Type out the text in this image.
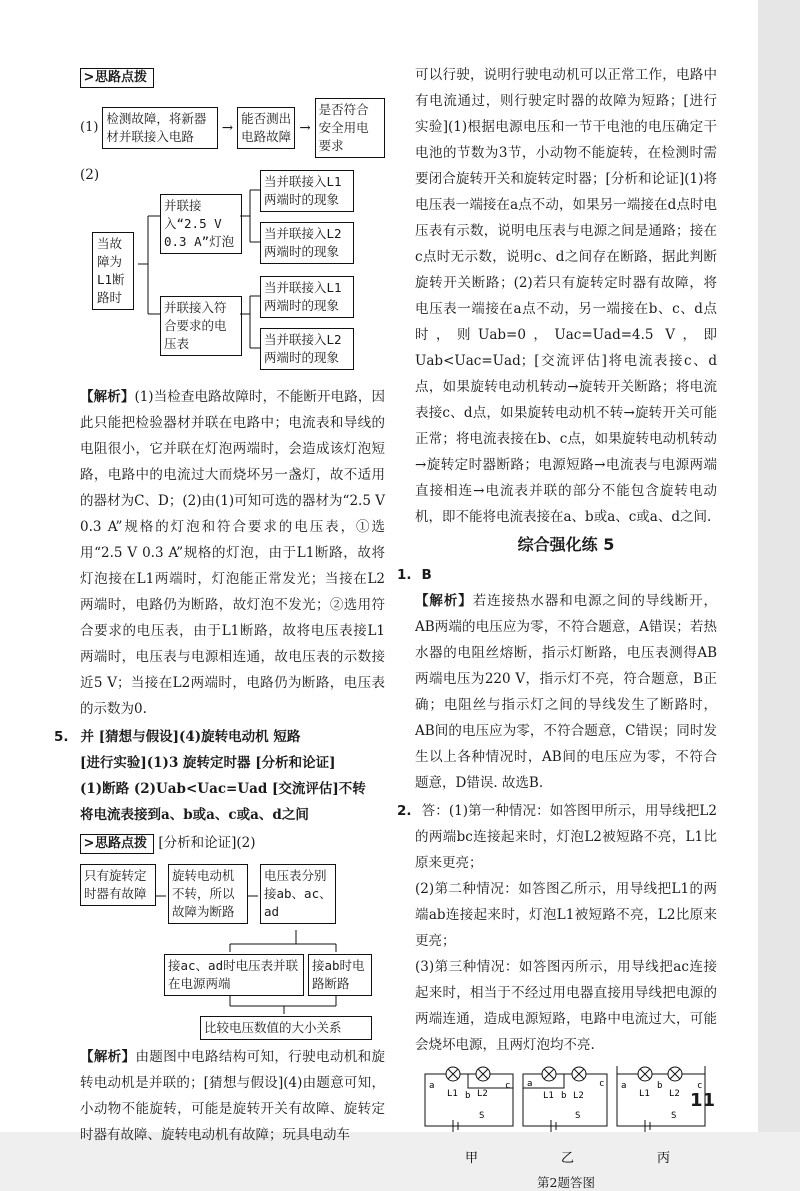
>思路点拨
(1)
检测故障，将新器材并联接入电路
→
能否测出电路故障
→
是否符合安全用电要求
(2)
当故障为L1断路时
并联接入“2.5 V 0.3 A”灯泡
并联接入符合要求的电压表
当并联接入L1两端时的现象
当并联接入L2两端时的现象
当并联接入L1两端时的现象
当并联接入L2两端时的现象

【解析】(1)当检查电路故障时，不能断开电路，因此只能把检验器材并联在电路中；电流表和导线的电阻很小，它并联在灯泡两端时，会造成该灯泡短路，电路中的电流过大而烧坏另一盏灯，故不适用的器材为C、D；(2)由(1)可知可选的器材为“2.5 V 0.3 A”规格的灯泡和符合要求的电压表，①选用“2.5 V 0.3 A”规格的灯泡，由于L1断路，故将灯泡接在L1两端时，灯泡能正常发光；当接在L2两端时，电路仍为断路，故灯泡不发光；②选用符合要求的电压表，由于L1断路，故将电压表接L1两端时，电压表与电源相连通，故电压表的示数接近5 V；当接在L2两端时，电路仍为断路，电压表的示数为0.

5. 并 [猜想与假设](4)旋转电动机 短路
[进行实验](1)3 旋转定时器 [分析和论证]
(1)断路 (2)Uab<Uac=Uad [交流评估]不转
将电流表接到a、b或a、c或a、d之间
>思路点拨 [分析和论证](2)
只有旋转定时器有故障
旋转电动机不转，所以故障为断路
电压表分别接ab、ac、ad
接ac、ad时电压表并联在电源两端
接ab时电路断路
比较电压数值的大小关系

【解析】由题图中电路结构可知，行驶电动机和旋转电动机是并联的；[猜想与假设](4)由题意可知，小动物不能旋转，可能是旋转开关有故障、旋转定时器有故障、旋转电动机有故障；玩具电动车

可以行驶，说明行驶电动机可以正常工作，电路中有电流通过，则行驶定时器的故障为短路；[进行实验](1)根据电源电压和一节干电池的电压确定干电池的节数为3节，小动物不能旋转，在检测时需要闭合旋转开关和旋转定时器；[分析和论证](1)将电压表一端接在a点不动，如果另一端接在d点时电压表有示数，说明电压表与电源之间是通路；接在c点时无示数，说明c、d之间存在断路，据此判断旋转开关断路；(2)若只有旋转定时器有故障，将电压表一端接在a点不动，另一端接在b、c、d点时，则Uab=0，Uac=Uad=4.5 V，即Uab<Uac=Uad；[交流评估]将电流表接c、d点，如果旋转电动机转动→旋转开关断路；将电流表接c、d点，如果旋转电动机不转→旋转开关可能正常；将电流表接在b、c点，如果旋转电动机转动→旋转定时器断路；电源短路→电流表与电源两端直接相连→电流表并联的部分不能包含旋转电动机，即不能将电流表接在a、b或a、c或a、d之间.

综合强化练 5
1. B

【解析】若连接热水器和电源之间的导线断开，AB两端的电压应为零，不符合题意，A错误；若热水器的电阻丝熔断，指示灯断路，电压表测得AB两端电压为220 V，指示灯不亮，符合题意，B正确；电阻丝与指示灯之间的导线发生了断路时，AB间的电压应为零，不符合题意，C错误；同时发生以上各种情况时，AB间的电压应为零，不符合题意，D错误. 故选B.

2. 答：(1)第一种情况：如答图甲所示，用导线把L2的两端bc连接起来时，灯泡L2被短路不亮，L1比原来更亮；

(2)第二种情况：如答图乙所示，用导线把L1的两端ab连接起来时，灯泡L1被短路不亮，L2比原来更亮；

(3)第三种情况：如答图丙所示，用导线把ac连接起来时，相当于不经过用电器直接用导线把电源的两端连通，造成电源短路，电路中电流过大，可能会烧坏电源，且两灯泡均不亮.

a
b
c
L1 L2
S
甲
a
b
c
L1 L2
S
乙
a	b	c
L1 L2
S
丙
第2题答图
11
